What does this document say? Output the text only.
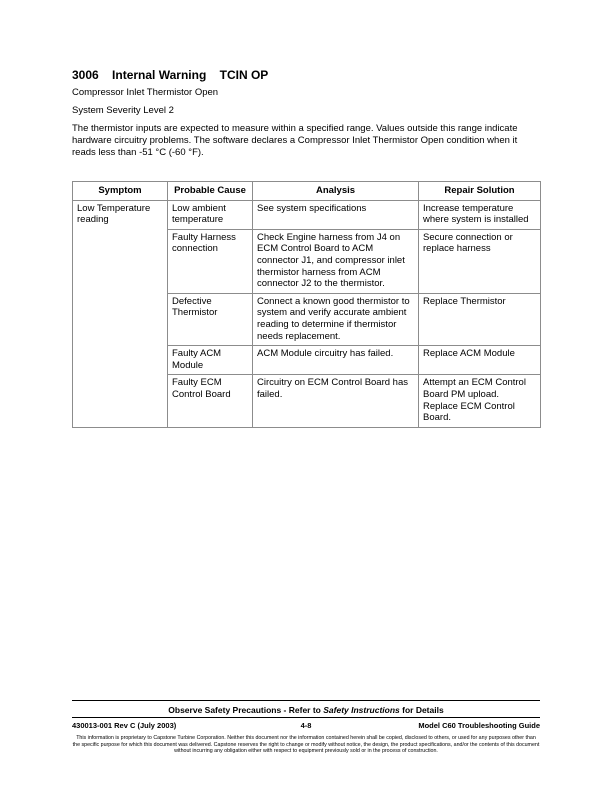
3006 Internal Warning TCIN OP
Compressor Inlet Thermistor Open
System Severity Level 2
The thermistor inputs are expected to measure within a specified range. Values outside this range indicate hardware circuitry problems. The software declares a Compressor Inlet Thermistor Open condition when it reads less than -51 °C (-60 °F).
Symptom	Probable Cause	Analysis	Repair Solution
Low Temperature reading	Low ambient temperature	See system specifications	Increase temperature where system is installed
	Faulty Harness connection	Check Engine harness from J4 on ECM Control Board to ACM connector J1, and compressor inlet thermistor harness from ACM connector J2 to the thermistor.	Secure connection or replace harness
	Defective Thermistor	Connect a known good thermistor to system and verify accurate ambient reading to determine if thermistor needs replacement.	Replace Thermistor
	Faulty ACM Module	ACM Module circuitry has failed.	Replace ACM Module
	Faulty ECM Control Board	Circuitry on ECM Control Board has failed.	Attempt an ECM Control Board PM upload. Replace ECM Control Board.
Observe Safety Precautions - Refer to Safety Instructions for Details
430013-001 Rev C (July 2003)	4-8	Model C60 Troubleshooting Guide
This information is proprietary to Capstone Turbine Corporation. Neither this document nor the information contained herein shall be copied, disclosed to others, or used for any purposes other than the specific purpose for which this document was delivered. Capstone reserves the right to change or modify without notice, the design, the product specifications, and/or the contents of this document without incurring any obligation either with respect to equipment previously sold or in the process of construction.
